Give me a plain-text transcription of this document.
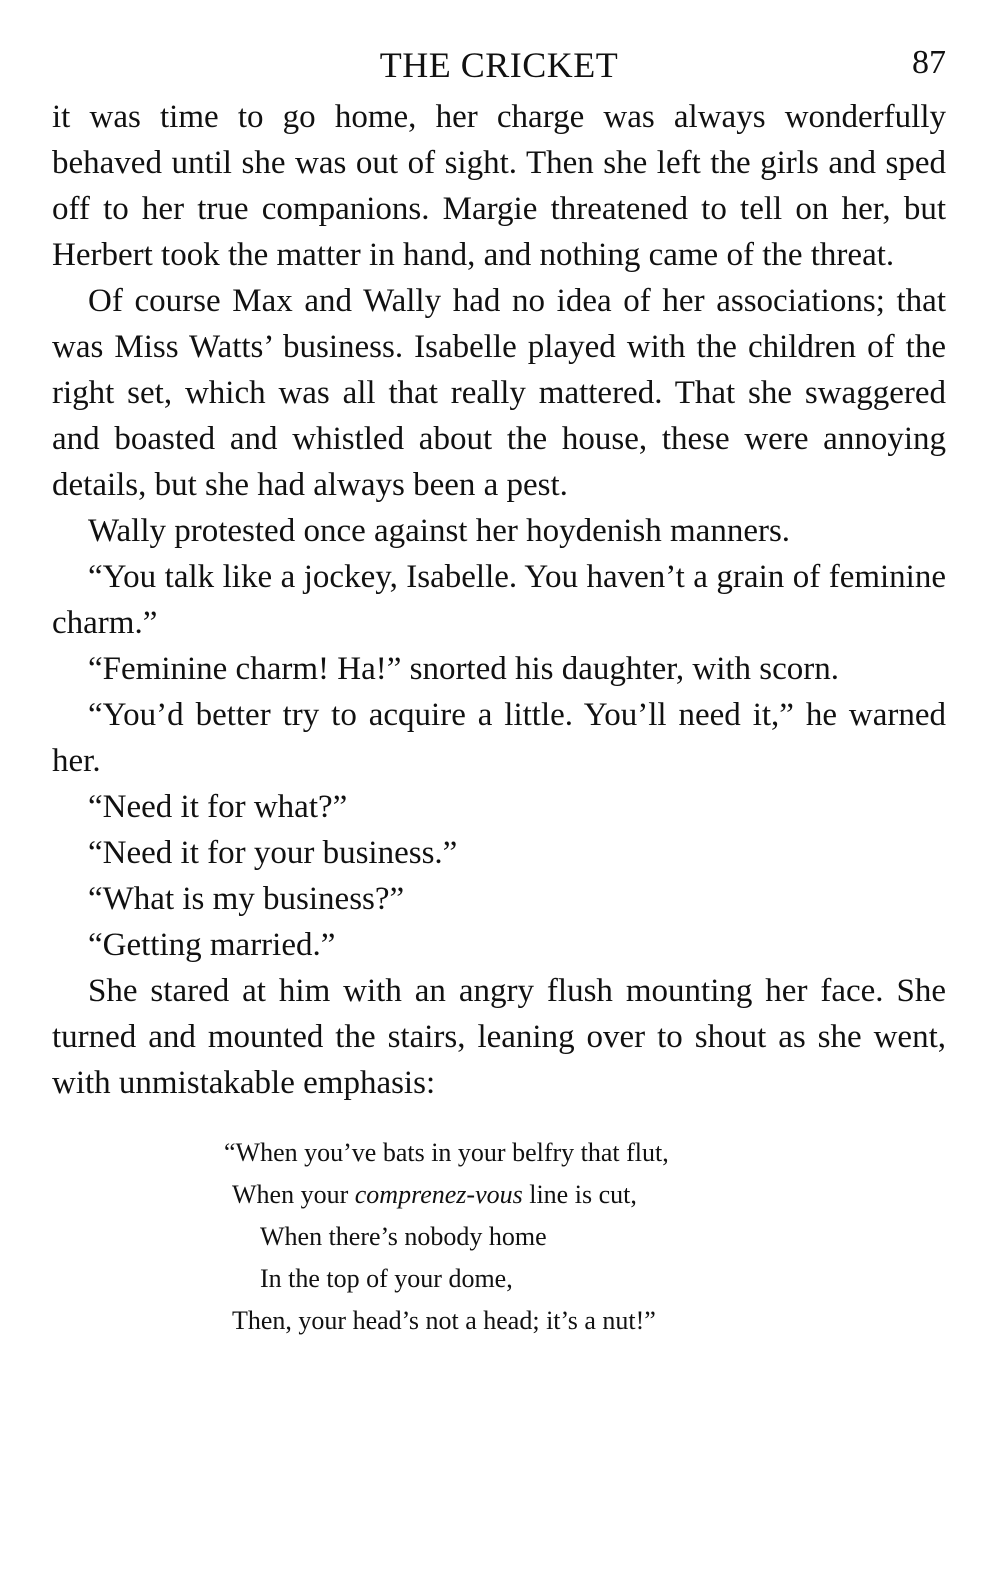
THE CRICKET	87

it was time to go home, her charge was always wonderfully behaved until she was out of sight. Then she left the girls and sped off to her true companions. Margie threatened to tell on her, but Herbert took the matter in hand, and nothing came of the threat.

Of course Max and Wally had no idea of her associations; that was Miss Watts’ business. Isabelle played with the children of the right set, which was all that really mattered. That she swaggered and boasted and whistled about the house, these were annoying details, but she had always been a pest.

Wally protested once against her hoydenish manners.

“You talk like a jockey, Isabelle. You haven’t a grain of feminine charm.”

“Feminine charm! Ha!” snorted his daughter, with scorn.

“You’d better try to acquire a little. You’ll need it,” he warned her.

“Need it for what?”

“Need it for your business.”

“What is my business?”

“Getting married.”

She stared at him with an angry flush mounting her face. She turned and mounted the stairs, leaning over to shout as she went, with unmistakable emphasis:

“When you’ve bats in your belfry that flut,
When your comprenez-vous line is cut,
When there’s nobody home
In the top of your dome,
Then, your head’s not a head; it’s a nut!”
